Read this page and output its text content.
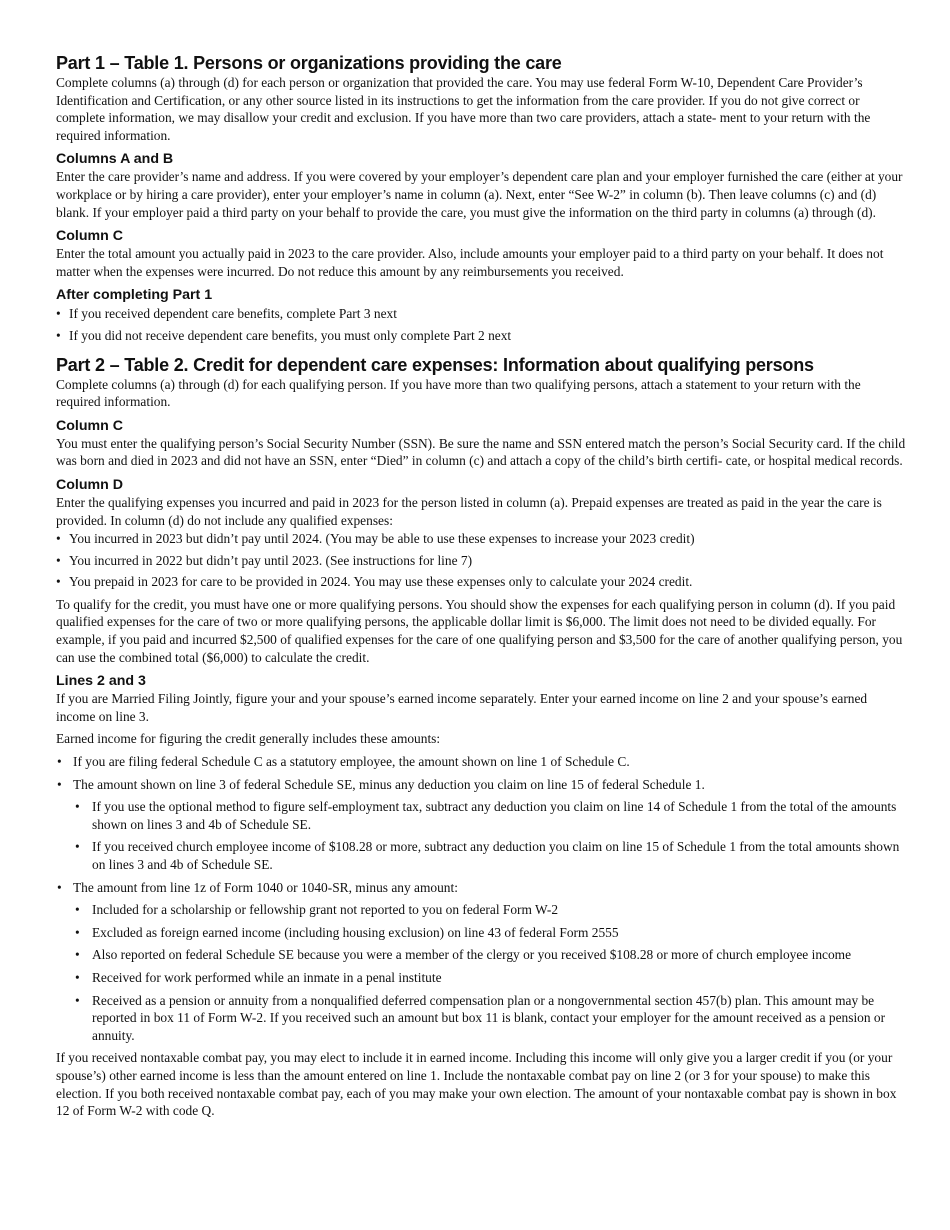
Part 1 – Table 1. Persons or organizations providing the care

Complete columns (a) through (d) for each person or organization that provided the care. You may use federal Form W-10, Dependent Care Provider’s Identification and Certification, or any other source listed in its instructions to get the information from the care provider. If you do not give correct or complete information, we may disallow your credit and exclusion. If you have more than two care providers, attach a state- ment to your return with the required information.

Columns A and B

Enter the care provider’s name and address. If you were covered by your employer’s dependent care plan and your employer furnished the care (either at your workplace or by hiring a care provider), enter your employer’s name in column (a). Next, enter “See W-2” in column (b). Then leave columns (c) and (d) blank. If your employer paid a third party on your behalf to provide the care, you must give the information on the third party in columns (a) through (d).

Column C

Enter the total amount you actually paid in 2023 to the care provider. Also, include amounts your employer paid to a third party on your behalf. It does not matter when the expenses were incurred. Do not reduce this amount by any reimbursements you received.

After completing Part 1
• If you received dependent care benefits, complete Part 3 next
• If you did not receive dependent care benefits, you must only complete Part 2 next
Part 2 – Table 2. Credit for dependent care expenses: Information about qualifying persons

Complete columns (a) through (d) for each qualifying person. If you have more than two qualifying persons, attach a statement to your return with the required information.

Column C

You must enter the qualifying person’s Social Security Number (SSN). Be sure the name and SSN entered match the person’s Social Security card. If the child was born and died in 2023 and did not have an SSN, enter “Died” in column (c) and attach a copy of the child’s birth certifi- cate, or hospital medical records.

Column D

Enter the qualifying expenses you incurred and paid in 2023 for the person listed in column (a). Prepaid expenses are treated as paid in the year the care is provided. In column (d) do not include any qualified expenses:

• You incurred in 2023 but didn’t pay until 2024. (You may be able to use these expenses to increase your 2023 credit)
• You incurred in 2022 but didn’t pay until 2023. (See instructions for line 7)
• You prepaid in 2023 for care to be provided in 2024. You may use these expenses only to calculate your 2024 credit.

To qualify for the credit, you must have one or more qualifying persons. You should show the expenses for each qualifying person in column (d). If you paid qualified expenses for the care of two or more qualifying persons, the applicable dollar limit is $6,000. The limit does not need to be divided equally. For example, if you paid and incurred $2,500 of qualified expenses for the care of one qualifying person and $3,500 for the care of another qualifying person, you can use the combined total ($6,000) to calculate the credit.

Lines 2 and 3

If you are Married Filing Jointly, figure your and your spouse’s earned income separately. Enter your earned income on line 2 and your spouse’s earned income on line 3.

Earned income for figuring the credit generally includes these amounts:

• If you are filing federal Schedule C as a statutory employee, the amount shown on line 1 of Schedule C.
• The amount shown on line 3 of federal Schedule SE, minus any deduction you claim on line 15 of federal Schedule 1.
• If you use the optional method to figure self-employment tax, subtract any deduction you claim on line 14 of Schedule 1 from the total of the amounts shown on lines 3 and 4b of Schedule SE.
• If you received church employee income of $108.28 or more, subtract any deduction you claim on line 15 of Schedule 1 from the total amounts shown on lines 3 and 4b of Schedule SE.
• The amount from line 1z of Form 1040 or 1040-SR, minus any amount:
• Included for a scholarship or fellowship grant not reported to you on federal Form W-2
• Excluded as foreign earned income (including housing exclusion) on line 43 of federal Form 2555
• Also reported on federal Schedule SE because you were a member of the clergy or you received $108.28 or more of church employee income
• Received for work performed while an inmate in a penal institute
• Received as a pension or annuity from a nonqualified deferred compensation plan or a nongovernmental section 457(b) plan. This amount may be reported in box 11 of Form W-2. If you received such an amount but box 11 is blank, contact your employer for the amount received as a pension or annuity.

If you received nontaxable combat pay, you may elect to include it in earned income. Including this income will only give you a larger credit if you (or your spouse’s) other earned income is less than the amount entered on line 1. Include the nontaxable combat pay on line 2 (or 3 for your spouse) to make this election. If you both received nontaxable combat pay, each of you may make your own election. The amount of your nontaxable combat pay is shown in box 12 of Form W-2 with code Q.
